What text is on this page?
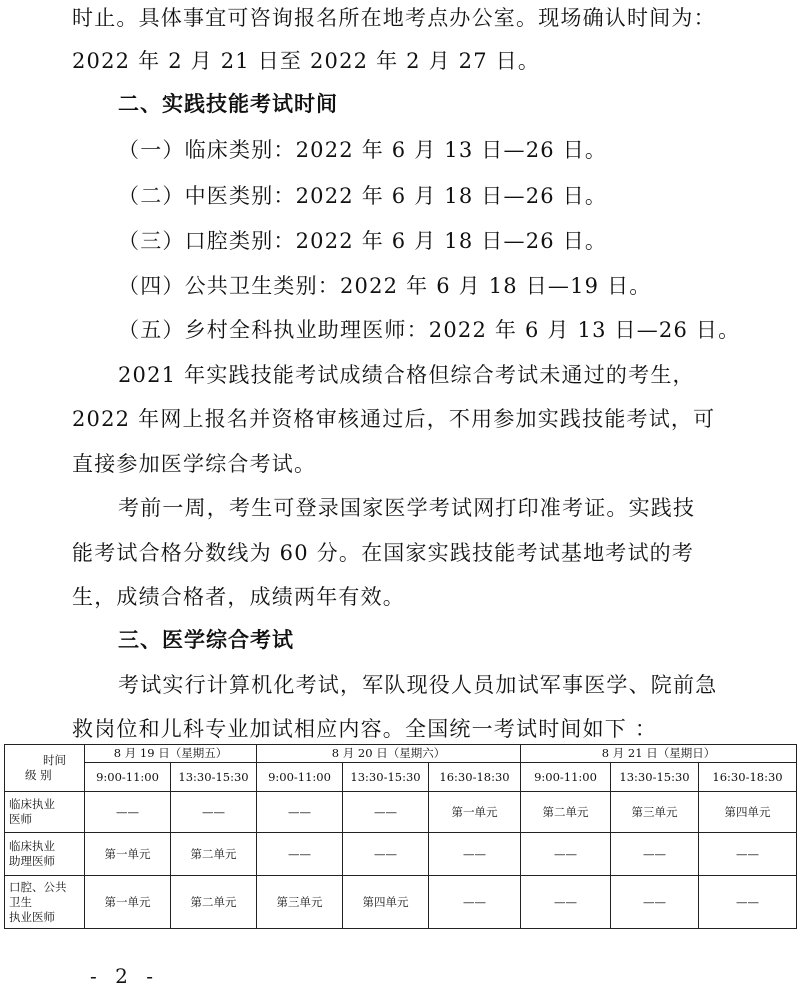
时止。具体事宜可咨询报名所在地考点办公室。现场确认时间为：
2022 年 2 月 21 日至 2022 年 2 月 27 日。
二、实践技能考试时间
（一）临床类别：2022 年 6 月 13 日—26 日。
（二）中医类别：2022 年 6 月 18 日—26 日。
（三）口腔类别：2022 年 6 月 18 日—26 日。
（四）公共卫生类别：2022 年 6 月 18 日—19 日。
（五）乡村全科执业助理医师：2022 年 6 月 13 日—26 日。
2021 年实践技能考试成绩合格但综合考试未通过的考生，
2022 年网上报名并资格审核通过后，不用参加实践技能考试，可
直接参加医学综合考试。
考前一周，考生可登录国家医学考试网打印准考证。实践技
能考试合格分数线为 60 分。在国家实践技能考试基地考试的考
生，成绩合格者，成绩两年有效。
三、医学综合考试
考试实行计算机化考试，军队现役人员加试军事医学、院前急
救岗位和儿科专业加试相应内容。全国统一考试时间如下 ：
时间
级 别	8 月 19 日（星期五）		8 月 20 日（星期六）			8 月 21 日（星期日）		
	9:00-11:00	13:30-15:30	9:00-11:00	13:30-15:30	16:30-18:30	9:00-11:00	13:30-15:30	16:30-18:30
临床执业
医师	——	——	——	——	第一单元	第二单元	第三单元	第四单元
临床执业
助理医师	第一单元	第二单元	——	——	——	——	——	——
口腔、公共
卫生
执业医师	第一单元	第二单元	第三单元	第四单元	——	——	——	——
- 2 -
